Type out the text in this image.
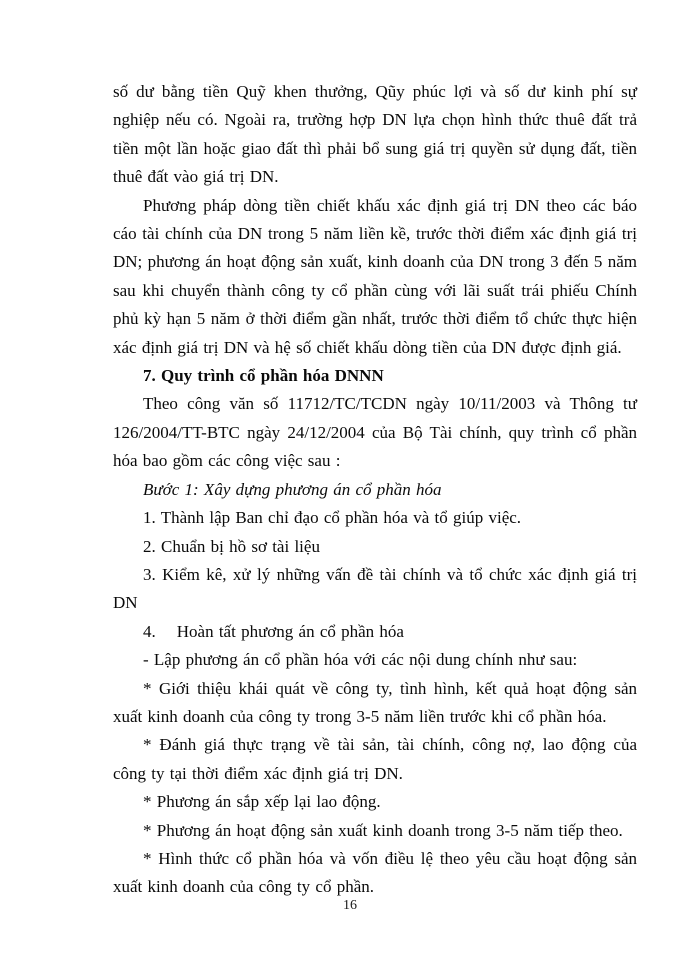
số dư bằng tiền Quỹ khen thưởng, Qũy phúc lợi và số dư kinh phí sự nghiệp nếu có. Ngoài ra, trường hợp DN lựa chọn hình thức thuê đất trả tiền một lần hoặc giao đất thì phải bổ sung giá trị quyền sử dụng đất, tiền thuê đất vào giá trị DN.

Phương pháp dòng tiền chiết khấu xác định giá trị DN theo các báo cáo tài chính của DN trong 5 năm liền kề, trước thời điểm xác định giá trị DN; phương án hoạt động sản xuất, kinh doanh của DN trong 3 đến 5 năm sau khi chuyển thành công ty cổ phần cùng với lãi suất trái phiếu Chính phủ kỳ hạn 5 năm ở thời điểm gần nhất, trước thời điểm tổ chức thực hiện xác định giá trị DN và hệ số chiết khấu dòng tiền của DN được định giá.

7. Quy trình cổ phần hóa DNNN

Theo công văn số 11712/TC/TCDN ngày 10/11/2003 và Thông tư 126/2004/TT-BTC ngày 24/12/2004 của Bộ Tài chính, quy trình cổ phần hóa bao gồm các công việc sau :

Bước 1: Xây dựng phương án cổ phần hóa

1. Thành lập Ban chỉ đạo cổ phần hóa và tổ giúp việc.

2. Chuẩn bị hồ sơ tài liệu

3. Kiểm kê, xử lý những vấn đề tài chính và tổ chức xác định giá trị DN

4.    Hoàn tất phương án cổ phần hóa

- Lập phương án cổ phần hóa với các nội dung chính như sau:

* Giới thiệu khái quát về công ty, tình hình, kết quả hoạt động sản xuất kinh doanh của công ty trong 3-5 năm liền trước khi cổ phần hóa.

* Đánh giá thực trạng về tài sản, tài chính, công nợ, lao động của công ty tại thời điểm xác định giá trị DN.

* Phương án sắp xếp lại lao động.

* Phương án hoạt động sản xuất kinh doanh trong 3-5 năm tiếp theo.

* Hình thức cổ phần hóa và vốn điều lệ theo yêu cầu hoạt động sản xuất kinh doanh của công ty cổ phần.

16
